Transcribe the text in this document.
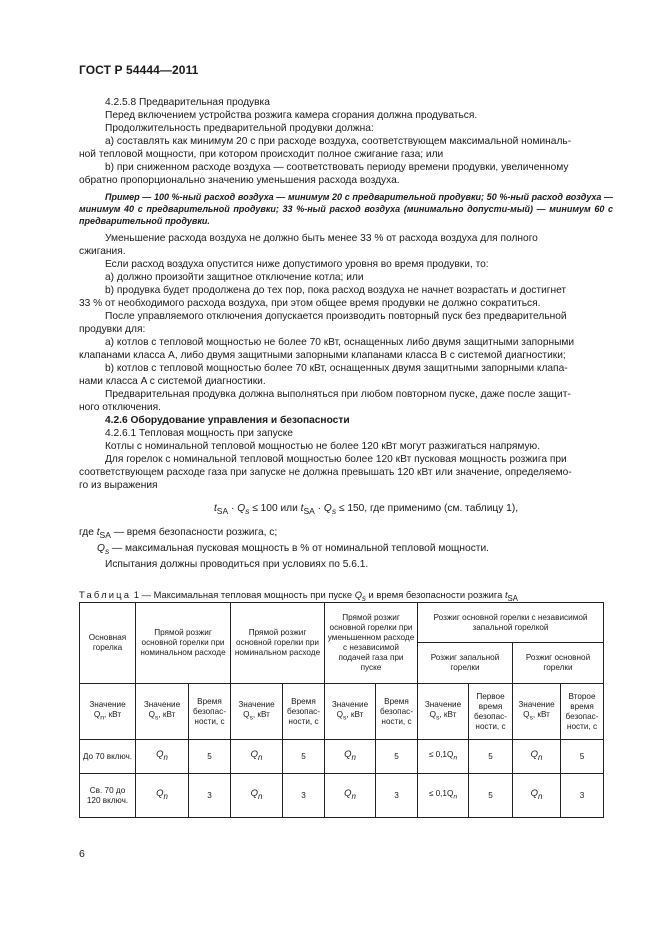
ГОСТ Р 54444—2011

4.2.5.8 Предварительная продувка

Перед включением устройства розжига камера сгорания должна продуваться.

Продолжительность предварительной продувки должна:

a) составлять как минимум 20 с при расходе воздуха, соответствующем максимальной номиналь-

ной тепловой мощности, при котором происходит полное сжигание газа; или

b) при сниженном расходе воздуха — соответствовать периоду времени продувки, увеличенному

обратно пропорционально значению уменьшения расхода воздуха.

Пример — 100 %-ный расход воздуха — минимум 20 с предварительной продувки; 50 %-ный расход воздуха — минимум 40 с предварительной продувки; 33 %-ный расход воздуха (минимально допусти-мый) — минимум 60 с предварительной продувки.

Уменьшение расхода воздуха не должно быть менее 33 % от расхода воздуха для полного

сжигания.

Если расход воздуха опустится ниже допустимого уровня во время продувки, то:

a) должно произойти защитное отключение котла; или

b) продувка будет продолжена до тех пор, пока расход воздуха не начнет возрастать и достигнет

33 % от необходимого расхода воздуха, при этом общее время продувки не должно сократиться.

После управляемого отключения допускается производить повторный пуск без предварительной

продувки для:

a) котлов с тепловой мощностью не более 70 кВт, оснащенных либо двумя защитными запорными

клапанами класса A, либо двумя защитными запорными клапанами класса B с системой диагностики;

b) котлов с тепловой мощностью более 70 кВт, оснащенных двумя защитными запорными клапа-

нами класса A с системой диагностики.

Предварительная продувка должна выполняться при любом повторном пуске, даже после защит-

ного отключения.

4.2.6 Оборудование управления и безопасности

4.2.6.1 Тепловая мощность при запуске

Котлы с номинальной тепловой мощностью не более 120 кВт могут разжигаться напрямую.

Для горелок с номинальной тепловой мощностью более 120 кВт пусковая мощность розжига при

соответствующем расходе газа при запуске не должна превышать 120 кВт или значение, определяемо-

го из выражения

$t_{SA} \cdot Q_s \le 100$ или $t_{SA} \cdot Q_s \le 150$, где применимо (см. таблицу 1),

где $t_{SA}$ — время безопасности розжига, с;

$Q_s$ — максимальная пусковая мощность в % от номинальной тепловой мощности.

Испытания должны проводиться при условиях по 5.6.1.

Таблица 1 — Максимальная тепловая мощность при пуске $Q_s$ и время безопасности розжига $t_{SA}$
Основная горелка	Прямой розжиг основной горелки при номинальном расходе		Прямой розжиг основной горелки при номинальном расходе		Прямой розжиг основной горелки при уменьшенном расходе с независимой подачей газа при пуске		Розжиг основной горелки с независимой запальной горелкой			
							Розжиг запальной горелки		Розжиг основной горелки	

Значение $Q_n$, кВт	Значение $Q_s$, кВт	Время безопас-ности, с	Значение $Q_s$, кВт	Время безопас-ности, с	Значение $Q_s$, кВт	Время безопас-ности, с	Значение $Q_s$, кВт	Первое время безопас-ности, с	Значение $Q_s$, кВт	Второе время безопас-ности, с
До 70 включ.	$Q_n$	5	$Q_n$	5	$Q_n$	5	≤ $0,1Q_n$	5	$Q_n$	5
Св. 70 до 120 включ.	$Q_n$	3	$Q_n$	3	$Q_n$	3	≤ $0,1Q_n$	5	$Q_n$	3
6
